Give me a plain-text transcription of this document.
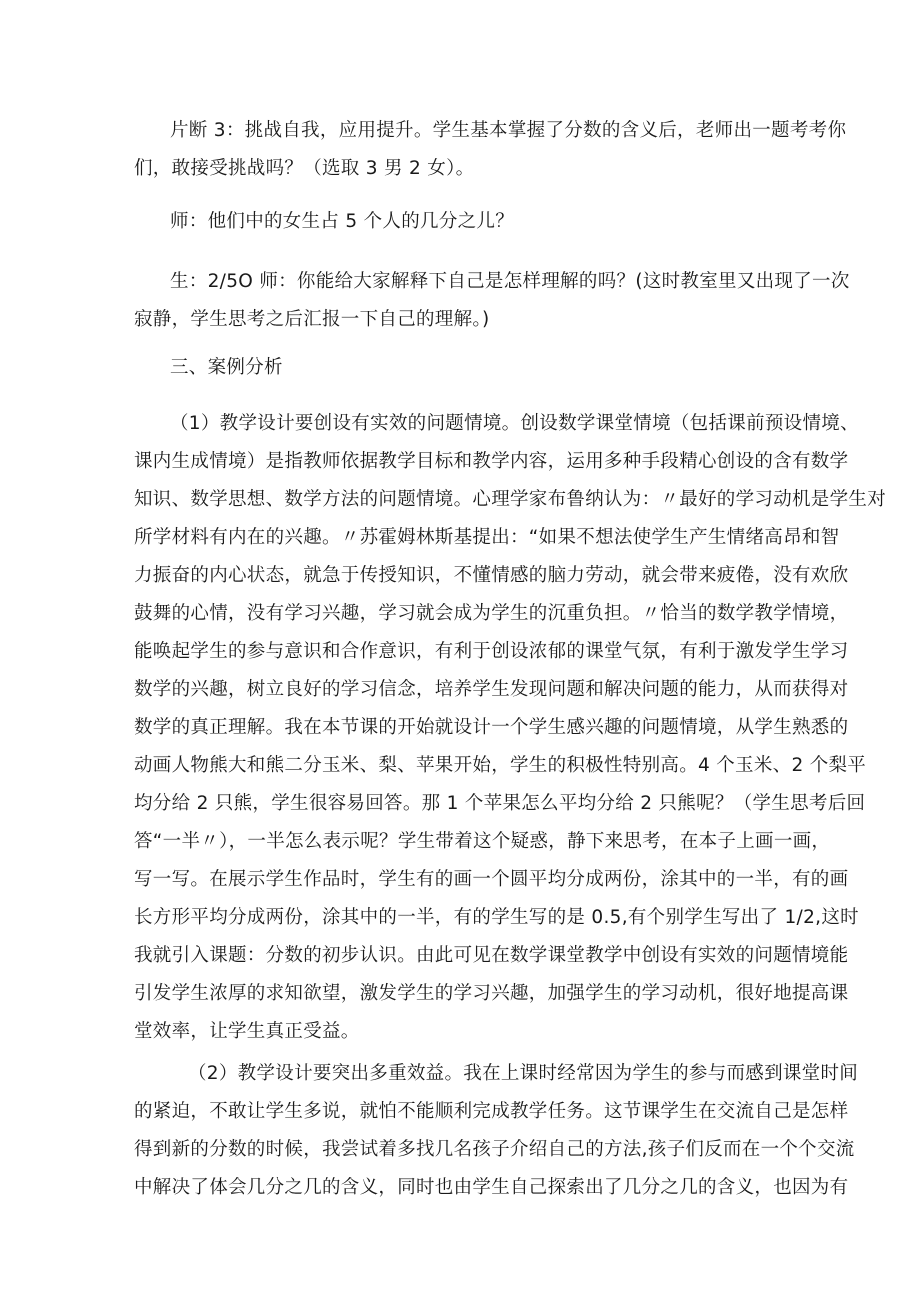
片断 3：挑战自我，应用提升。学生基本掌握了分数的含义后，老师出一题考考你
们，敢接受挑战吗？（选取 3 男 2 女）。
师：他们中的女生占 5 个人的几分之儿？
生：2/5O 师：你能给大家解释下自己是怎样理解的吗？(这时教室里又出现了一次
寂静，学生思考之后汇报一下自己的理解。)
三、案例分析
（1）教学设计要创设有实效的问题情境。创设数学课堂情境（包括课前预设情境、
课内生成情境）是指教师依据教学目标和教学内容，运用多种手段精心创设的含有数学
知识、数学思想、数学方法的问题情境。心理学家布鲁纳认为：〃最好的学习动机是学生对
所学材料有内在的兴趣。〃苏霍姆林斯基提出：“如果不想法使学生产生情绪高昂和智
力振奋的内心状态，就急于传授知识，不懂情感的脑力劳动，就会带来疲倦，没有欢欣
鼓舞的心情，没有学习兴趣，学习就会成为学生的沉重负担。〃恰当的数学教学情境，
能唤起学生的参与意识和合作意识，有利于创设浓郁的课堂气氛，有利于激发学生学习
数学的兴趣，树立良好的学习信念，培养学生发现问题和解决问题的能力，从而获得对
数学的真正理解。我在本节课的开始就设计一个学生感兴趣的问题情境，从学生熟悉的
动画人物熊大和熊二分玉米、梨、苹果开始，学生的积极性特别高。4 个玉米、2 个梨平
均分给 2 只熊，学生很容易回答。那 1 个苹果怎么平均分给 2 只熊呢？（学生思考后回
答“一半〃），一半怎么表示呢？学生带着这个疑惑，静下来思考，在本子上画一画，
写一写。在展示学生作品时，学生有的画一个圆平均分成两份，涂其中的一半，有的画
长方形平均分成两份，涂其中的一半，有的学生写的是 0.5,有个别学生写出了 1/2,这时
我就引入课题：分数的初步认识。由此可见在数学课堂教学中创设有实效的问题情境能
引发学生浓厚的求知欲望，激发学生的学习兴趣，加强学生的学习动机，很好地提高课
堂效率，让学生真正受益。
（2）教学设计要突出多重效益。我在上课时经常因为学生的参与而感到课堂时间
的紧迫，不敢让学生多说，就怕不能顺利完成教学任务。这节课学生在交流自己是怎样
得到新的分数的时候，我尝试着多找几名孩子介绍自己的方法,孩子们反而在一个个交流
中解决了体会几分之几的含义，同时也由学生自己探索出了几分之几的含义，也因为有
